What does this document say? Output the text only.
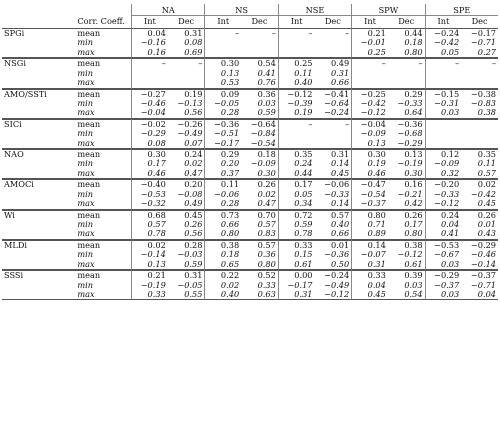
		NA		NS		NSE		SPW		SPE	
	Corr. Coeff.	Int	Dec	Int	Dec	Int	Dec	Int	Dec	Int	Dec
SPGi	mean	0.04	0.31	–	–	–	–	0.21	0.44	−0.24	−0.17
	min	−0.16	0.08					−0.01	0.18	−0.42	−0.71
	max	0.16	0.69					0.25	0.80	0.05	0.27
NSGi	mean	–	–	0.30	0.54	0.25	0.49	–	–	–	–
	min			0.13	0.41	0.11	0.31				
	max			0.53	0.76	0.40	0.66				
AMO/SSTi	mean	−0.27	0.19	0.09	0.36	−0.12	−0.41	−0.25	0.29	−0.15	−0.38
	min	−0.46	−0.13	−0.05	0.03	−0.39	−0.64	−0.42	−0.33	−0.31	−0.83
	max	−0.04	0.56	0.28	0.59	0.19	−0.24	−0.12	0.64	0.03	0.38
SICi	mean	−0.02	−0.26	−0.36	−0.64	–	–	−0.04	−0.36		
	min	−0.29	−0.49	−0.51	−0.84			−0.09	−0.68		
	max	0.08	0.07	−0.17	−0.54			0.13	−0.29		
NAO	mean	0.30	0.24	0.29	0.18	0.35	0.31	0.30	0.13	0.12	0.35
	min	0.17	0.02	0.20	−0.09	0.24	0.14	0.19	−0.19	−0.09	0.11
	max	0.46	0.47	0.37	0.30	0.44	0.45	0.46	0.30	0.32	0.57
AMOCi	mean	−0.40	0.20	0.11	0.26	0.17	−0.06	−0.47	0.16	−0.20	0.02
	min	−0.53	−0.08	−0.06	0.02	0.05	−0.33	−0.54	−0.21	−0.33	−0.42
	max	−0.32	0.49	0.28	0.47	0.34	0.14	−0.37	0.42	−0.12	0.45
Wi	mean	0.68	0.45	0.73	0.70	0.72	0.57	0.80	0.26	0.24	0.26
	min	0.57	0.26	0.66	0.57	0.59	0.40	0.71	0.17	0.04	0.01
	max	0.78	0.56	0.80	0.83	0.78	0.66	0.89	0.80	0.41	0.43
MLDi	mean	0.02	0.28	0.38	0.57	0.33	0.01	0.14	0.38	−0.53	−0.29
	min	−0.14	−0.03	0.18	0.36	0.15	−0.36	−0.07	−0.12	−0.67	−0.46
	max	0.13	0.59	0.65	0.80	0.61	0.50	0.31	0.61	0.03	−0.14
SSSi	mean	0.21	0.31	0.22	0.52	0.00	−0.24	0.33	0.39	−0.29	−0.37
	min	−0.19	−0.05	0.02	0.33	−0.17	−0.49	0.04	0.03	−0.37	−0.71
	max	0.33	0.55	0.40	0.63	0.31	−0.12	0.45	0.54	0.03	0.04
